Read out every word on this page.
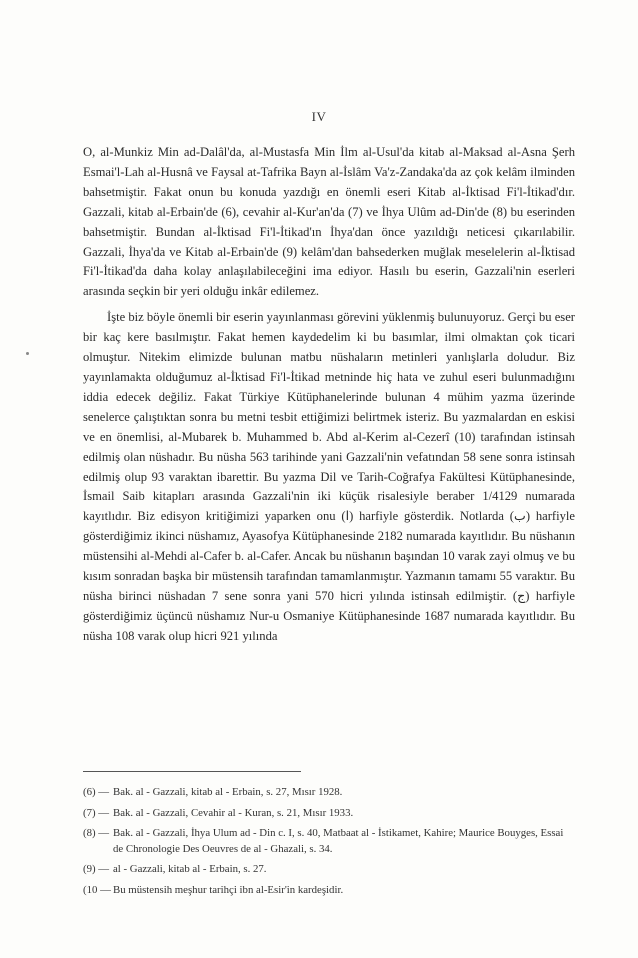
IV

O, al-Munkiz Min ad-Dalâl'da, al-Mustasfa Min İlm al-Usul'da kitab al-Maksad al-Asna Şerh Esmai'l-Lah al-Husnâ ve Faysal at-Tafrika Bayn al-İslâm Va'z-Zandaka'da az çok kelâm ilminden bahsetmiştir. Fakat onun bu konuda yazdığı en önemli eseri Kitab al-İktisad Fi'l-İtikad'dır. Gazzali, kitab al-Erbain'de (6), cevahir al-Kur'an'da (7) ve İhya Ulûm ad-Din'de (8) bu eserinden bahsetmiştir. Bundan al-İktisad Fi'l-İtikad'ın İhya'dan önce yazıldığı neticesi çıkarılabilir. Gazzali, İhya'da ve Kitab al-Erbain'de (9) kelâm'dan bahsederken muğlak meselelerin al-İktisad Fi'l-İtikad'da daha kolay anlaşılabileceğini ima ediyor. Hasılı bu eserin, Gazzali'nin eserleri arasında seçkin bir yeri olduğu inkâr edilemez.

İşte biz böyle önemli bir eserin yayınlanması görevini yüklenmiş bulunuyoruz. Gerçi bu eser bir kaç kere basılmıştır. Fakat hemen kaydedelim ki bu basımlar, ilmi olmaktan çok ticari olmuştur. Nitekim elimizde bulunan matbu nüshaların metinleri yanlışlarla doludur. Biz yayınlamakta olduğumuz al-İktisad Fi'l-İtikad metninde hiç hata ve zuhul eseri bulunmadığını iddia edecek değiliz. Fakat Türkiye Kütüphanelerinde bulunan 4 mühim yazma üzerinde senelerce çalıştıktan sonra bu metni tesbit ettiğimizi belirtmek isteriz. Bu yazmalardan en eskisi ve en önemlisi, al-Mubarek b. Muhammed b. Abd al-Kerim al-Cezerî (10) tarafından istinsah edilmiş olan nüshadır. Bu nüsha 563 tarihinde yani Gazzali'nin vefatından 58 sene sonra istinsah edilmiş olup 93 varaktan ibarettir. Bu yazma Dil ve Tarih-Coğrafya Fakültesi Kütüphanesinde, İsmail Saib kitapları arasında Gazzali'nin iki küçük risalesiyle beraber 1/4129 numarada kayıtlıdır. Biz edisyon kritiğimizi yaparken onu (ا) harfiyle gösterdik. Notlarda (ب) harfiyle gösterdiğimiz ikinci nüshamız, Ayasofya Kütüphanesinde 2182 numarada kayıtlıdır. Bu nüshanın müstensihi al-Mehdi al-Cafer b. al-Cafer. Ancak bu nüshanın başından 10 varak zayi olmuş ve bu kısım sonradan başka bir müstensih tarafından tamamlanmıştır. Yazmanın tamamı 55 varaktır. Bu nüsha birinci nüshadan 7 sene sonra yani 570 hicri yılında istinsah edilmiştir. (ج) harfiyle gösterdiğimiz üçüncü nüshamız Nur-u Osmaniye Kütüphanesinde 1687 numarada kayıtlıdır. Bu nüsha 108 varak olup hicri 921 yılında

(6) — Bak. al - Gazzali, kitab al - Erbain, s. 27, Mısır 1928.
(7) — Bak. al - Gazzali, Cevahir al - Kuran, s. 21, Mısır 1933.
(8) — Bak. al - Gazzali, İhya Ulum ad - Din c. I, s. 40, Matbaat al - İstikamet, Kahire; Maurice Bouyges, Essai de Chronologie Des Oeuvres de al - Ghazali, s. 34.
(9) — al - Gazzali, kitab al - Erbain, s. 27.
(10 — Bu müstensih meşhur tarihçi ibn al-Esir'in kardeşidir.
